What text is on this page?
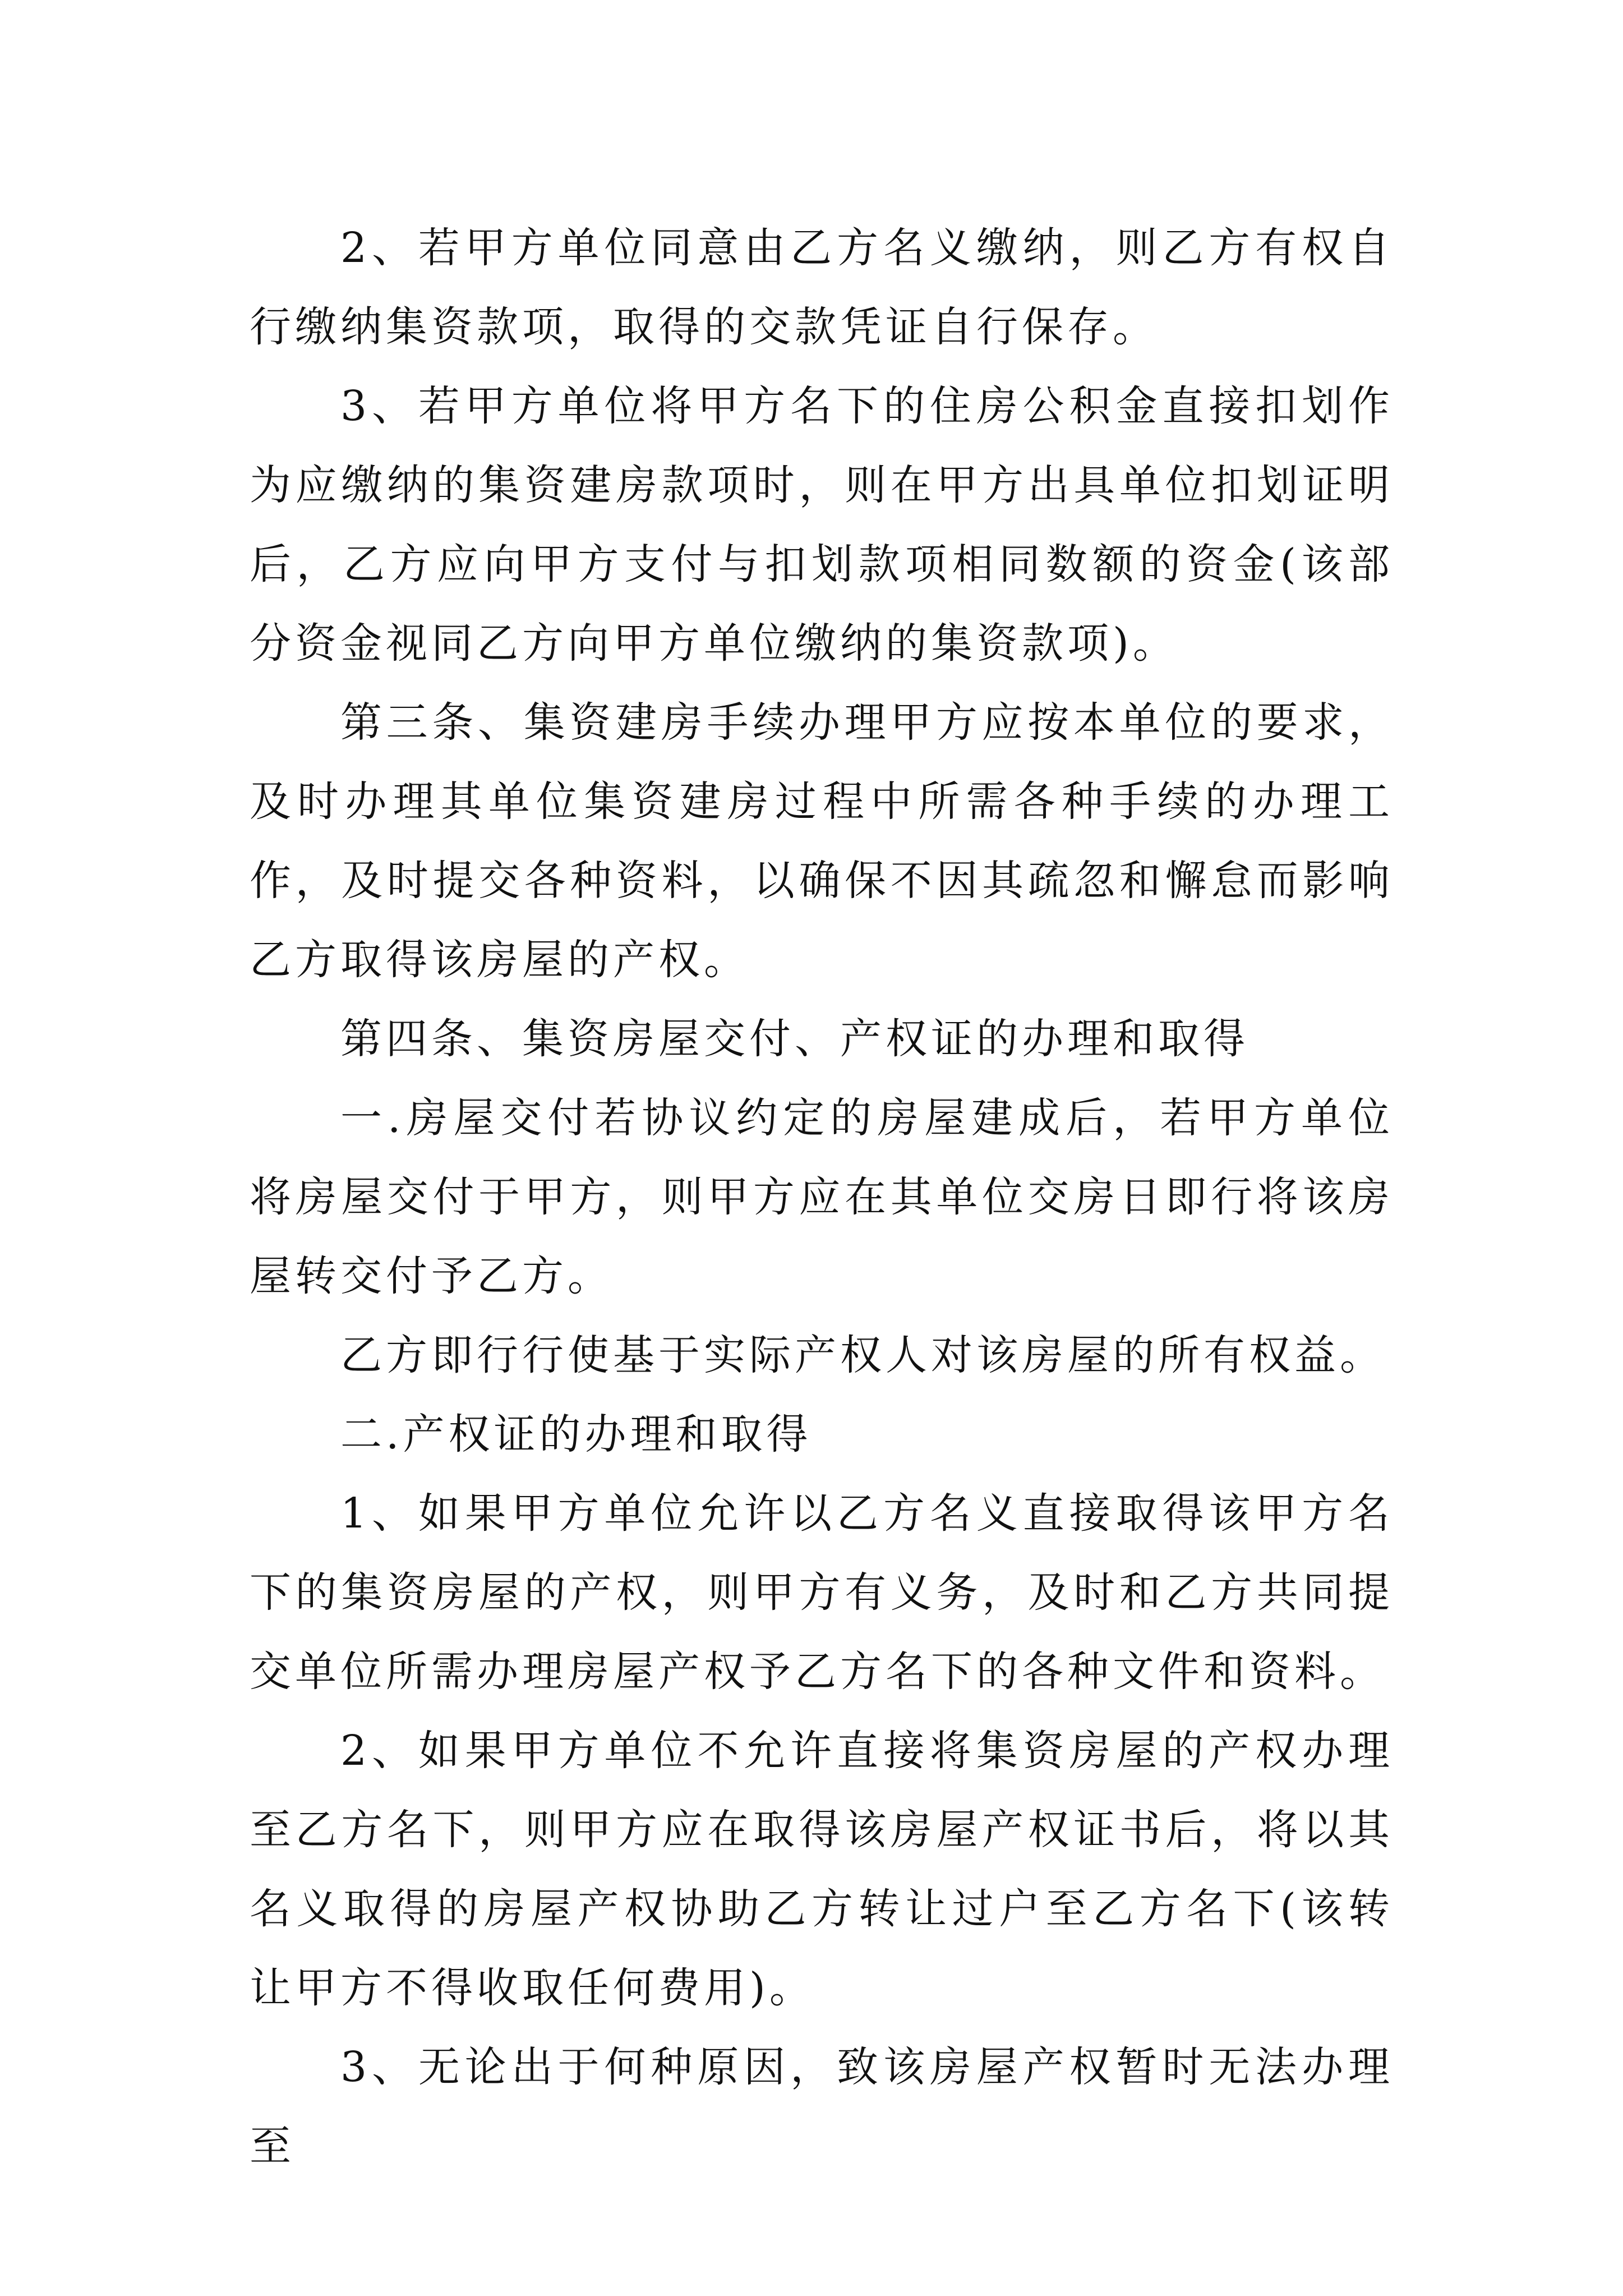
2、若甲方单位同意由乙方名义缴纳，则乙方有权自行缴纳集资款项，取得的交款凭证自行保存。

3、若甲方单位将甲方名下的住房公积金直接扣划作为应缴纳的集资建房款项时，则在甲方出具单位扣划证明后，乙方应向甲方支付与扣划款项相同数额的资金(该部分资金视同乙方向甲方单位缴纳的集资款项)。

第三条、集资建房手续办理甲方应按本单位的要求，及时办理其单位集资建房过程中所需各种手续的办理工作，及时提交各种资料，以确保不因其疏忽和懈怠而影响乙方取得该房屋的产权。

第四条、集资房屋交付、产权证的办理和取得

一.房屋交付若协议约定的房屋建成后，若甲方单位将房屋交付于甲方，则甲方应在其单位交房日即行将该房屋转交付予乙方。

乙方即行行使基于实际产权人对该房屋的所有权益。

二.产权证的办理和取得

1、如果甲方单位允许以乙方名义直接取得该甲方名下的集资房屋的产权，则甲方有义务，及时和乙方共同提交单位所需办理房屋产权予乙方名下的各种文件和资料。

2、如果甲方单位不允许直接将集资房屋的产权办理至乙方名下，则甲方应在取得该房屋产权证书后，将以其名义取得的房屋产权协助乙方转让过户至乙方名下(该转让甲方不得收取任何费用)。

3、无论出于何种原因，致该房屋产权暂时无法办理至
